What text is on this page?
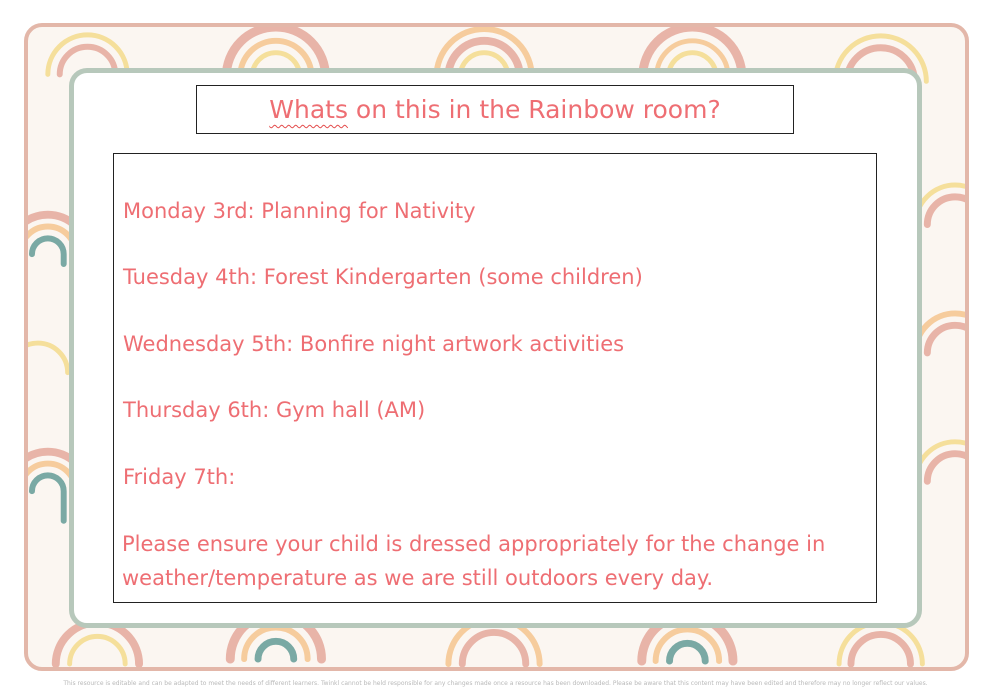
Whats on this in the Rainbow room?

Monday 3rd: Planning for Nativity

Tuesday 4th: Forest Kindergarten (some children)

Wednesday 5th: Bonfire night artwork activities

Thursday 6th: Gym hall (AM)

Friday 7th:

Please ensure your child is dressed appropriately for the change in
weather/temperature as we are still outdoors every day.

This resource is editable and can be adapted to meet the needs of different learners. Twinkl cannot be held responsible for any changes made once a resource has been downloaded. Please be aware that this content may have been edited and therefore may no longer reflect our values.
